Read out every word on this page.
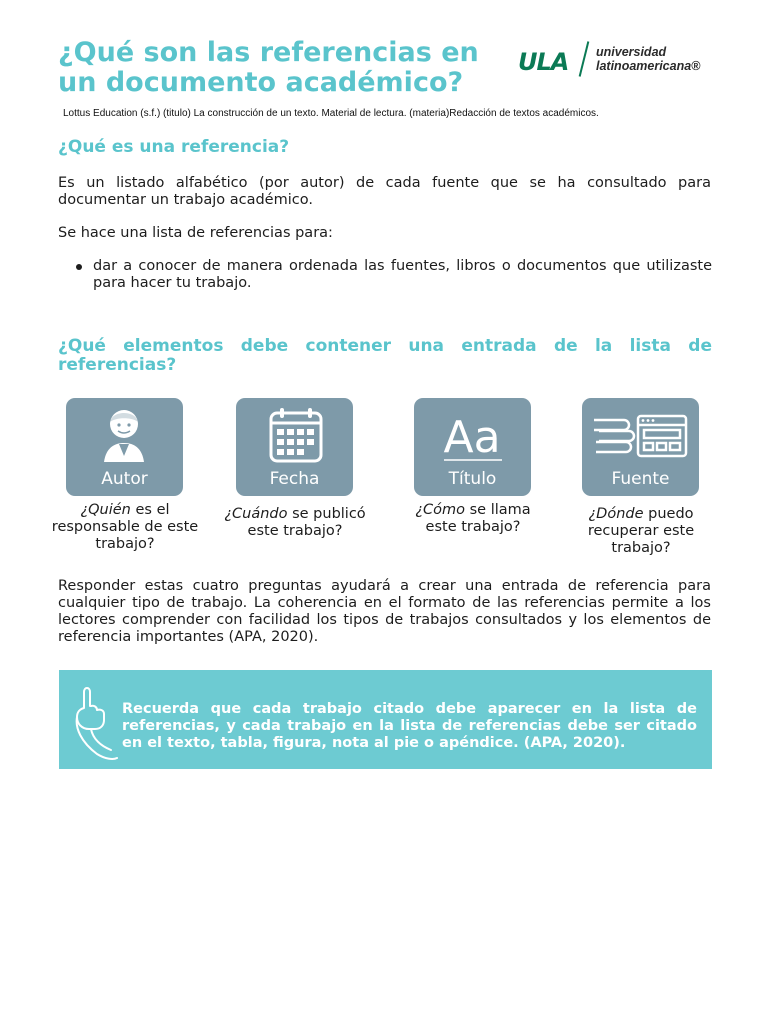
¿Qué son las referencias en un documento académico?
ULA universidad
latinoamericana®
Lottus Education (s.f.) (titulo) La construcción de un texto. Material de lectura. (materia)Redacción de textos académicos.
¿Qué es una referencia?

Es un listado alfabético (por autor) de cada fuente que se ha consultado para documentar un trabajo académico.

Se hace una lista de referencias para:

dar a conocer de manera ordenada las fuentes, libros o documentos que utilizaste para hacer tu trabajo.
¿Qué elementos debe contener una entrada de la lista de
referencias?
Autor
¿Quién es el responsable de este trabajo?
Fecha
¿Cuándo se publicó este trabajo?
Aa
Título
¿Cómo se llama este trabajo?
Fuente
¿Dónde puedo recuperar este trabajo?

Responder estas cuatro preguntas ayudará a crear una entrada de referencia para cualquier tipo de trabajo. La coherencia en el formato de las referencias permite a los lectores comprender con facilidad los tipos de trabajos consultados y los elementos de referencia importantes (APA, 2020).

Recuerda que cada trabajo citado debe aparecer en la lista de referencias, y cada trabajo en la lista de referencias debe ser citado en el texto, tabla, figura, nota al pie o apéndice. (APA, 2020).
